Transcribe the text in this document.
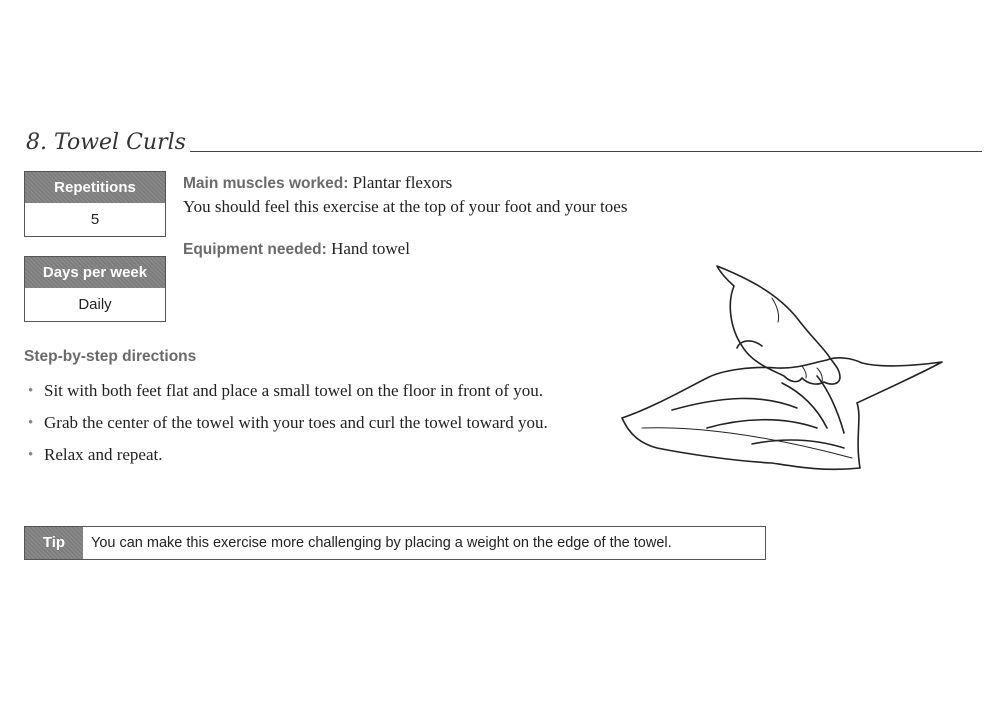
8. Towel Curls
Repetitions
5
Days per week
Daily
Main muscles worked: Plantar flexors
You should feel this exercise at the top of your foot and your toes
Equipment needed: Hand towel
Step-by-step directions
• Sit with both feet flat and place a small towel on the floor in front of you.
• Grab the center of the towel with your toes and curl the towel toward you.
• Relax and repeat.
Tip	You can make this exercise more challenging by placing a weight on the edge of the towel.
